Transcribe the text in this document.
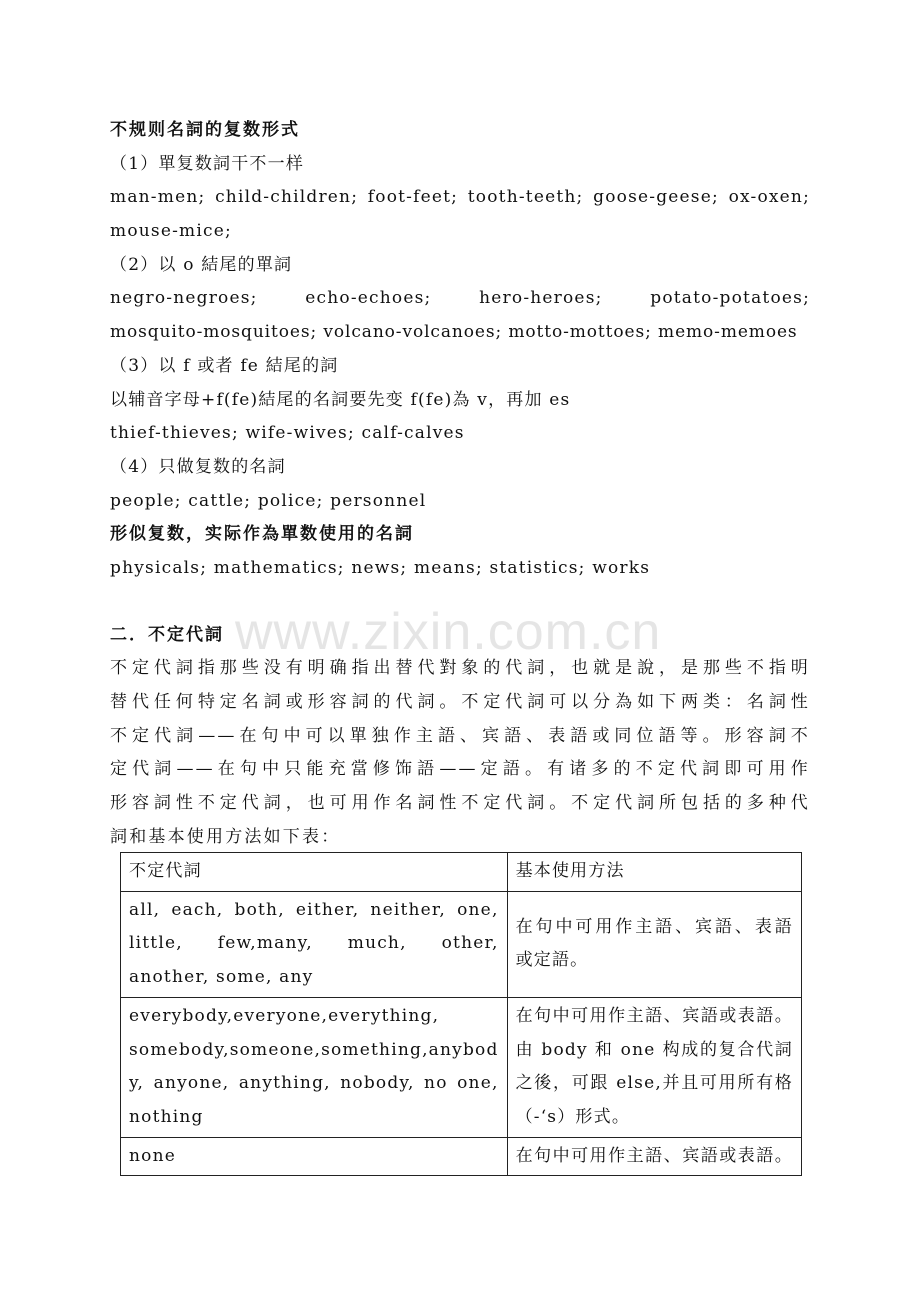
www.zixin.com.cn
不规则名詞的复数形式
（1）單复数詞干不一样
man-men; child-children; foot-feet; tooth-teeth; goose-geese; ox-oxen;
mouse-mice;
（2）以 o 結尾的單詞
negro-negroes; echo-echoes; hero-heroes; potato-potatoes;
mosquito-mosquitoes; volcano-volcanoes; motto-mottoes; memo-memoes
（3）以 f 或者 fe 結尾的詞
以辅音字母+f(fe)結尾的名詞要先变 f(fe)為 v，再加 es
thief-thieves; wife-wives; calf-calves
（4）只做复数的名詞
people; cattle; police; personnel
形似复数，实际作為單数使用的名詞
physicals; mathematics; news; means; statistics; works
二．不定代詞
不定代詞指那些没有明确指出替代對象的代詞，也就是說，是那些不指明
替代任何特定名詞或形容詞的代詞。不定代詞可以分為如下两类：名詞性
不定代詞——在句中可以單独作主語、宾語、表語或同位語等。形容詞不
定代詞——在句中只能充當修饰語——定語。有诸多的不定代詞即可用作
形容詞性不定代詞，也可用作名詞性不定代詞。不定代詞所包括的多种代
詞和基本使用方法如下表：
不定代詞	基本使用方法

all, each, both, either, neither, one,
little, few,many, much, other,
another, some, any	在句中可用作主語、宾語、表語
或定語。

everybody,everyone,everything,
somebody,someone,something,anybod
y, anyone, anything, nobody, no one,
nothing	在句中可用作主語、宾語或表語。
由 body 和 one 构成的复合代詞
之後，可跟 else,并且可用所有格
（-‘s）形式。

none	在句中可用作主語、宾語或表語。
